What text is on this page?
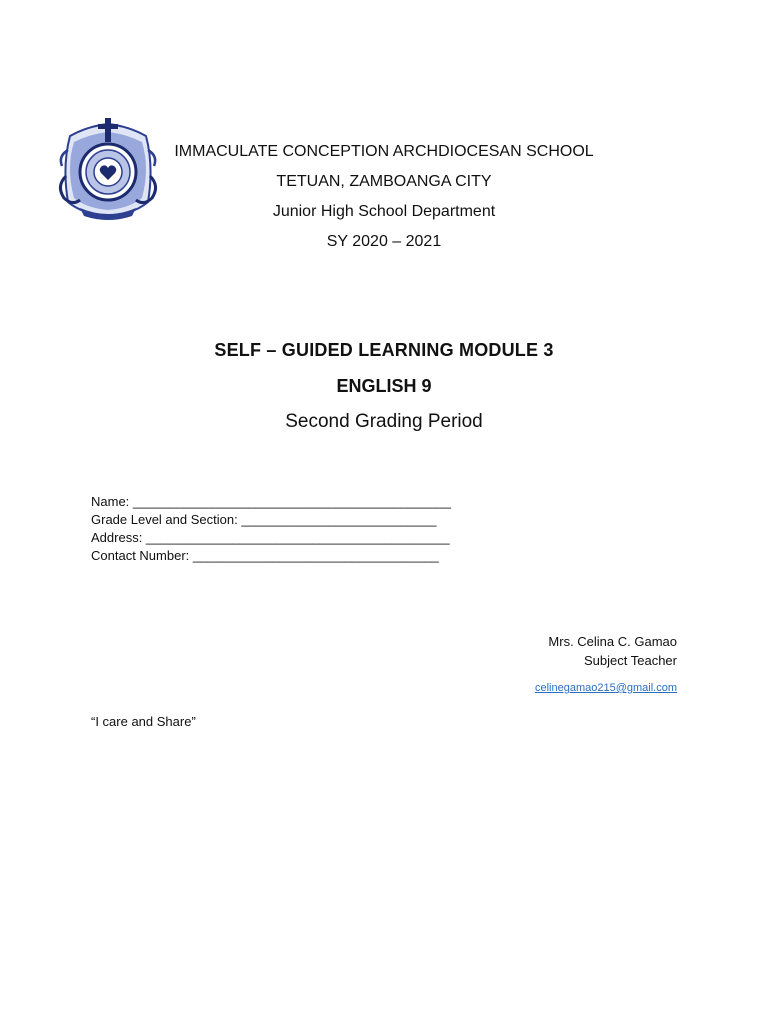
IMMACULATE CONCEPTION ARCHDIOCESAN SCHOOL
TETUAN, ZAMBOANGA CITY
Junior High School Department
SY 2020 – 2021
SELF – GUIDED LEARNING MODULE 3
ENGLISH 9
Second Grading Period
Name: ____________________________________________
Grade Level and Section: ___________________________
Address: __________________________________________
Contact Number: __________________________________
Mrs. Celina C. Gamao
Subject Teacher
celinegamao215@gmail.com
“I care and Share”
